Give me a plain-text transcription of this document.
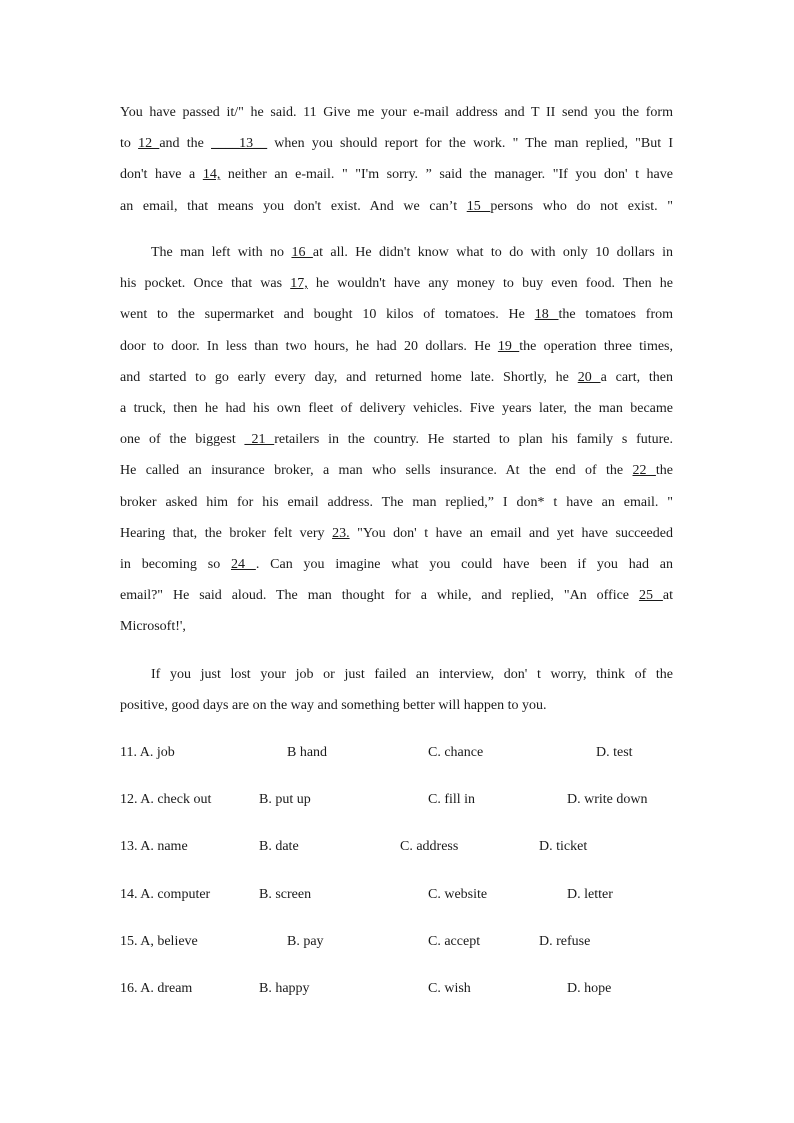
You have passed it/" he said. 11 Give me your e-mail address and T II send you the form
to 12 and the ____13__ when you should report for the work. " The man replied, "But I
don't have a 14, neither an e-mail. " "I'm sorry. ” said the manager. "If you don' t have
an email, that means you don't exist. And we can’t 15 persons who do not exist. "
The man left with no 16 at all. He didn't know what to do with only 10 dollars in
his pocket. Once that was 17, he wouldn't have any money to buy even food. Then he
went to the supermarket and bought 10 kilos of tomatoes. He 18 the tomatoes from
door to door. In less than two hours, he had 20 dollars. He 19 the operation three times,
and started to go early every day, and returned home late. Shortly, he 20 a cart, then
a truck, then he had his own fleet of delivery vehicles. Five years later, the man became
one of the biggest _21 retailers in the country. He started to plan his family s future.
He called an insurance broker, a man who sells insurance. At the end of the 22 the
broker asked him for his email address. The man replied,” I don* t have an email. "
Hearing that, the broker felt very 23. "You don' t have an email and yet have succeeded
in becoming so 24 . Can you imagine what you could have been if you had an
email?" He said aloud. The man thought for a while, and replied, "An office 25 at
Microsoft!',
If you just lost your job or just failed an interview, don' t worry, think of the
positive, good days are on the way and something better will happen to you.
11. A. job	B hand	C. chance	D. test
12. A. check out	B. put up	C. fill in	D. write down
13. A. name	B. date	C. address	D. ticket
14. A. computer	B. screen	C. website	D. letter
15. A, believe	B. pay	C. accept	D. refuse
16. A. dream	B. happy	C. wish	D. hope
